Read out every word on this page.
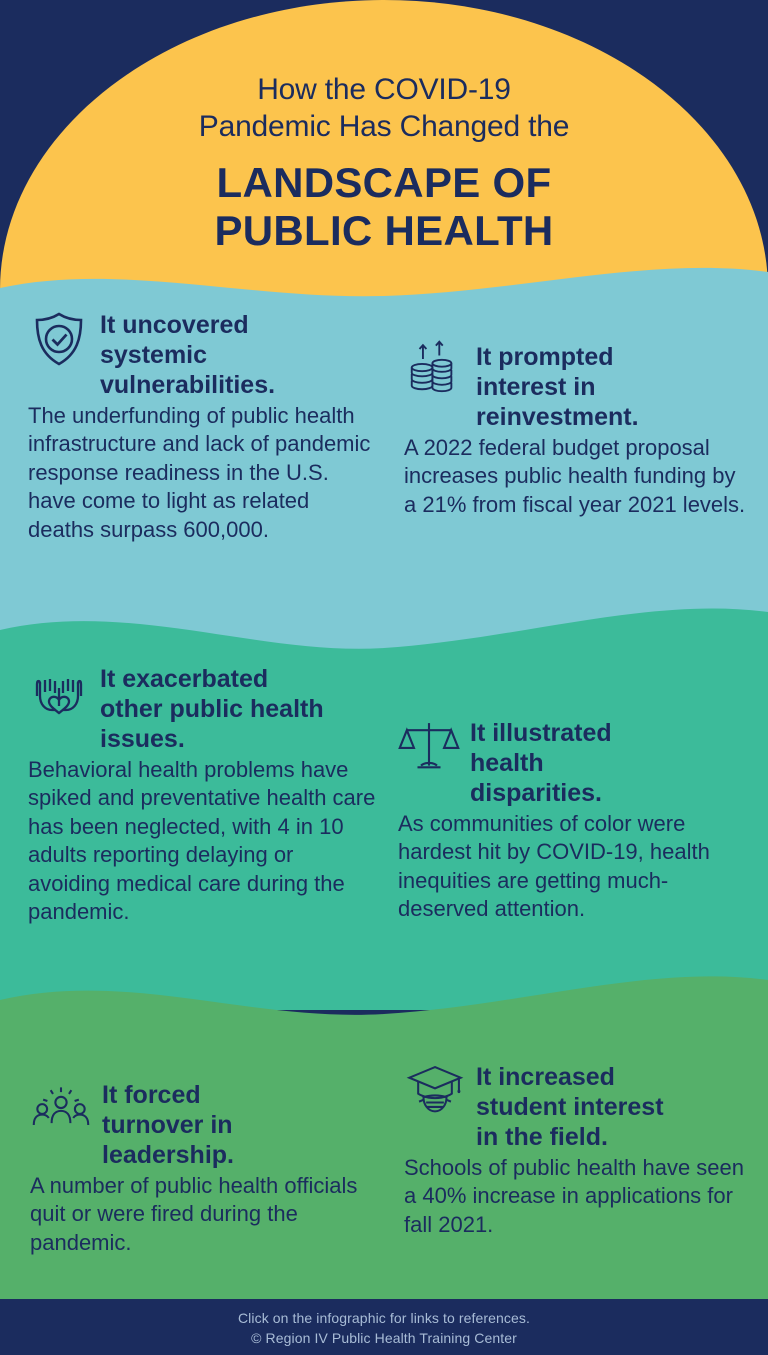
How the COVID-19
Pandemic Has Changed the
LANDSCAPE OF
PUBLIC HEALTH
It uncovered systemic vulnerabilities.
The underfunding of public health infrastructure and lack of pandemic response readiness in the U.S. have come to light as related deaths surpass 600,000.
It prompted interest in reinvestment.
A 2022 federal budget proposal increases public health funding by a 21% from fiscal year 2021 levels.
It exacerbated other public health issues.
Behavioral health problems have spiked and preventative health care has been neglected, with 4 in 10 adults reporting delaying or avoiding medical care during the pandemic.
It illustrated health disparities.
As communities of color were hardest hit by COVID-19, health inequities are getting much-deserved attention.
It forced turnover in leadership.
A number of public health officials quit or were fired during the pandemic.
It increased student interest in the field.
Schools of public health have seen a 40% increase in applications for fall 2021.
Click on the infographic for links to references.
© Region IV Public Health Training Center
